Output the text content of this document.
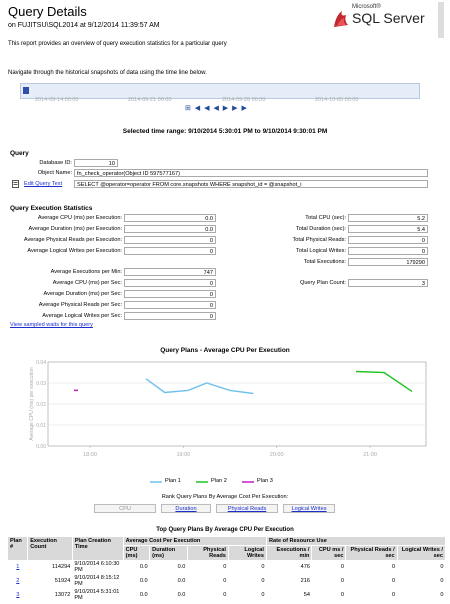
Query Details
on FUJITSU\SQL2014 at 9/12/2014 11:39:57 AM
Microsoft®
SQL Server
This report provides an overview of query execution statistics for a particular query
Navigate through the historical snapshots of data using the time line below.
2014-09-14 00:00	2014-09-21 00:00	2014-09-28 00:00	2014-10-05 00:00
⊞ ◀ ◀ ◀ ▶ ▶ ▶
Selected time range: 9/10/2014 5:30:01 PM to 9/10/2014 9:30:01 PM
Query
Database ID:	10
Object Name: fn_check_operator(Object ID 597577167)
Edit Query Text	SELECT @operator=operator FROM core.snapshots WHERE snapshot_id = @snapshot_i
Query Execution Statistics
Average CPU (ms) per Execution:	0.0
Average Duration (ms) per Execution:	0.0
Average Physical Reads per Execution:	0
Average Logical Writes per Execution:	0
Total CPU (sec):	5.2
Total Duration (sec):	5.4
Total Physical Reads:	0
Total Logical Writes:	0
Total Executions:	179290
Average Executions per Min:	747
Average CPU (ms) per Sec:	0
Average Duration (ms) per Sec:	0
Average Physical Reads per Sec:	0
Average Logical Writes per Sec:	0
Query Plan Count:	3
View sampled waits for this query
Query Plans - Average CPU Per Execution
0.04
0.03
0.02
0.01
0.00
18:00	19:00	20:00	21:00
Average CPU (ms) per execution
Plan 1	Plan 2	Plan 3
Rank Query Plans By Average Cost Per Execution:
CPU	Duration	Physical Reads	Logical Writes
Top Query Plans By Average CPU Per Execution
Plan #	Execution Count	Plan Creation Time	Average Cost Per Execution				Rate of Resource Use			
			CPU (ms)	Duration (ms)	Physical Reads	Logical Writes	Executions / min	CPU ms / sec	Physical Reads / sec	Logical Writes / sec
1	114294	9/10/2014 6:10:30 PM	0.0	0.0	0	0	476	0	0	0
2	51924	9/10/2014 8:15:12 PM	0.0	0.0	0	0	216	0	0	0
3	13072	9/10/2014 5:31:01 PM	0.0	0.0	0	0	54	0	0	0
